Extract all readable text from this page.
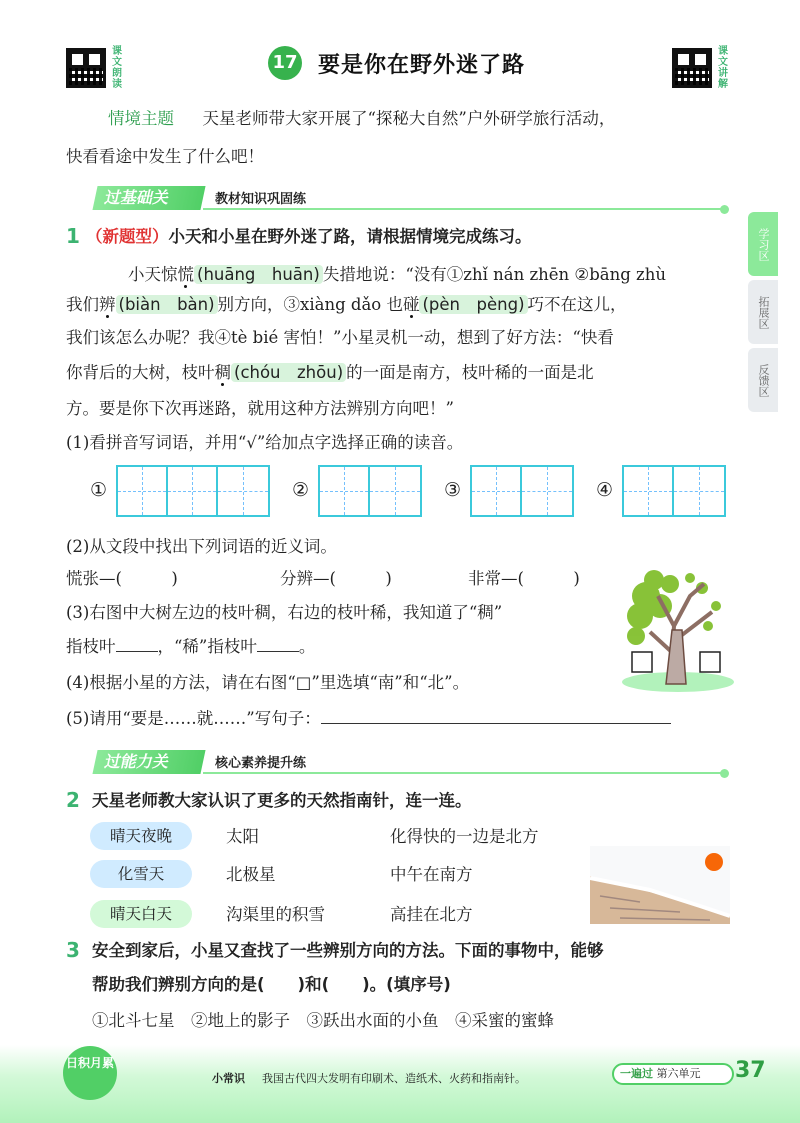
课文朗读
17 要是你在野外迷了路
课文讲解
情境主题 天星老师带大家开展了“探秘大自然”户外研学旅行活动，
快看看途中发生了什么吧！
过基础关	教材知识巩固练
学习区
拓展区
反馈区
1 （新题型）小天和小星在野外迷了路，请根据情境完成练习。
小天惊慌 (huāng　huān) 失措地说：“没有①zhǐ nán zhēn ②bāng zhù
我们辨 (biàn　bàn) 别方向，③xiàng dǎo 也碰 (pèn　pèng) 巧不在这儿，
我们该怎么办呢？我④tè bié 害怕！”小星灵机一动，想到了好方法：“快看
你背后的大树，枝叶稠 (chóu　zhōu) 的一面是南方，枝叶稀的一面是北
方。要是你下次再迷路，就用这种方法辨别方向吧！”
(1)看拼音写词语，并用“√”给加点字选择正确的读音。
①	②	③	④
(2)从文段中找出下列词语的近义词。
慌张—(　　　)	分辨—(　　　)	非常—(　　　)
(3)右图中大树左边的枝叶稠，右边的枝叶稀，我知道了“稠”
指枝叶	，“稀”指枝叶	。
(4)根据小星的方法，请在右图“□”里选填“南”和“北”。
(5)请用“要是……就……”写句子：
过能力关	核心素养提升练
2 天星老师教大家认识了更多的天然指南针，连一连。
晴天夜晚
化雪天
晴天白天
太阳
北极星
沟渠里的积雪
化得快的一边是北方
中午在南方
高挂在北方
3 安全到家后，小星又查找了一些辨别方向的方法。下面的事物中，能够
帮助我们辨别方向的是(　　)和(　　)。(填序号)
①北斗七星　②地上的影子　③跃出水面的小鱼　④采蜜的蜜蜂
日积月累
小常识 我国古代四大发明有印刷术、造纸术、火药和指南针。	一遍过 第六单元	37
